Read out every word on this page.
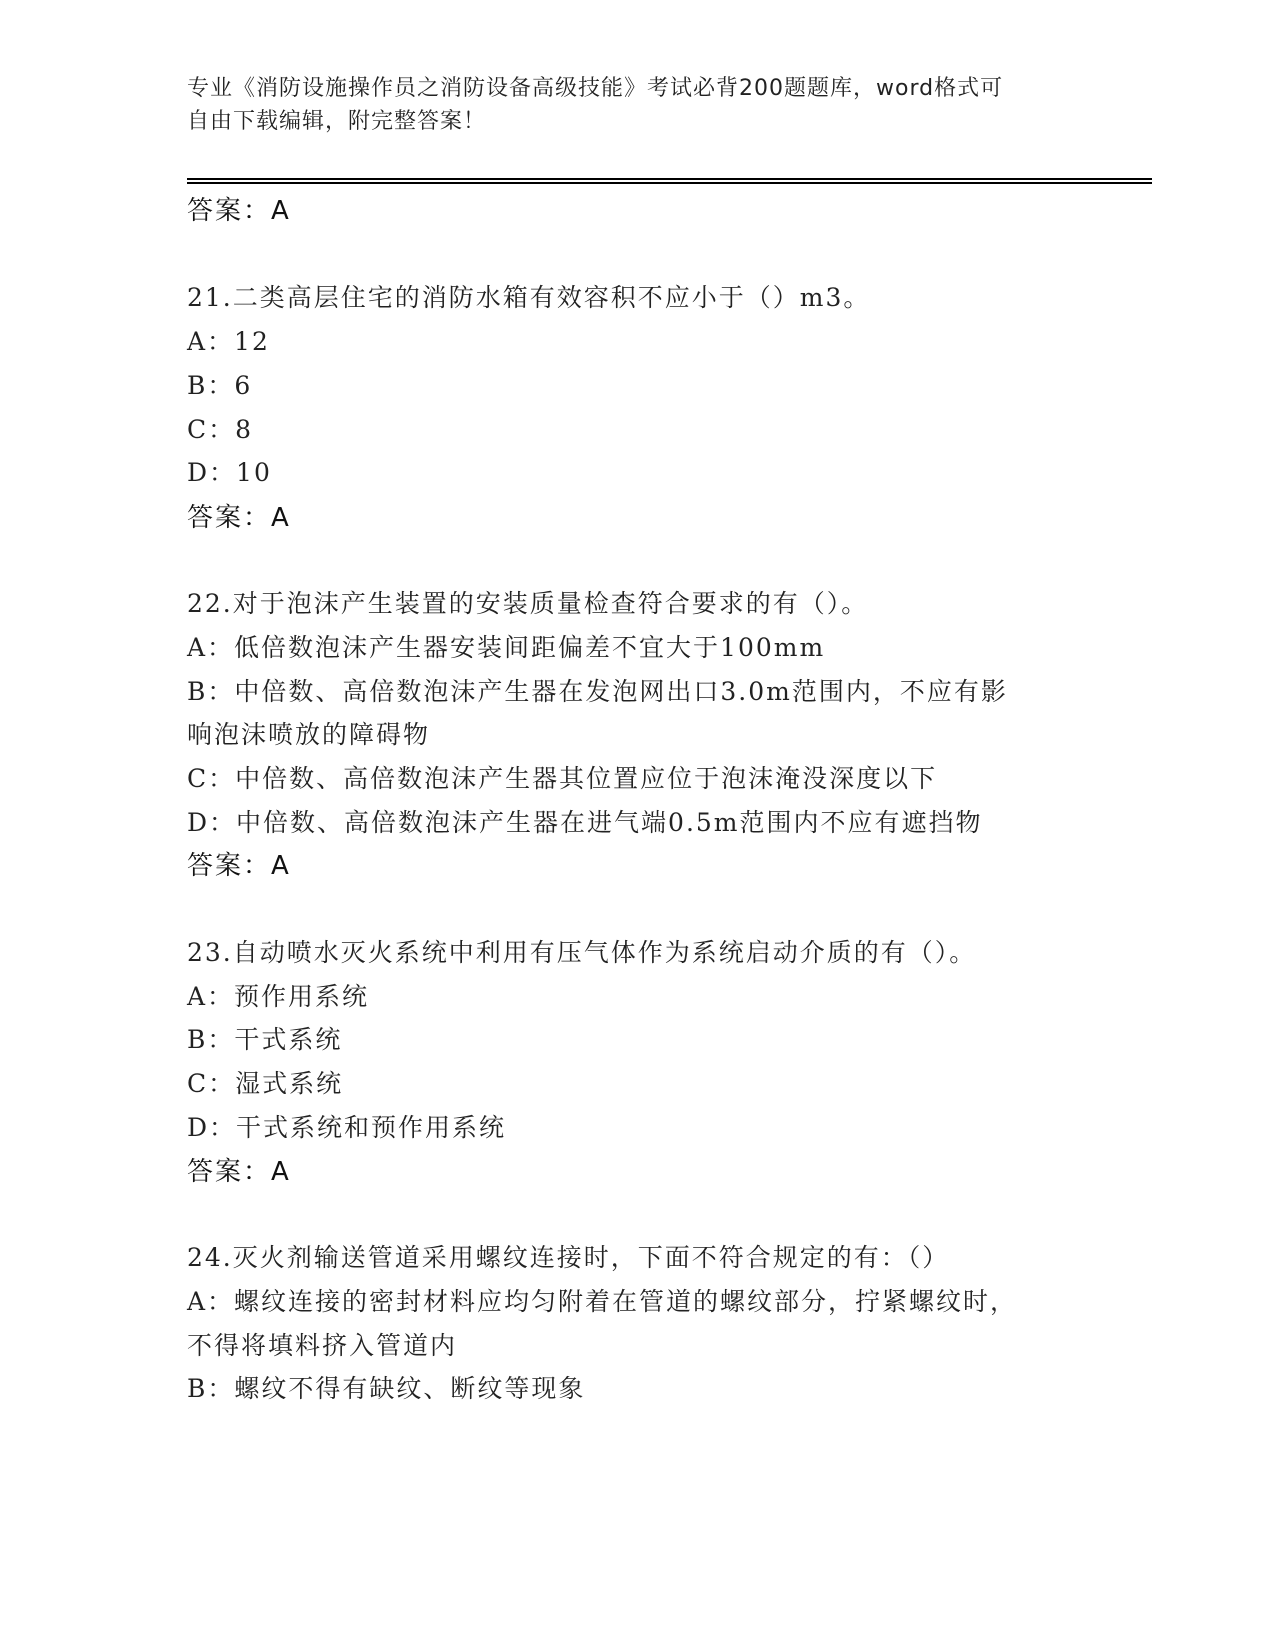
专业《消防设施操作员之消防设备高级技能》考试必背200题题库，word格式可
自由下载编辑，附完整答案！
答案：A
21.二类高层住宅的消防水箱有效容积不应小于（）m3。
A：12
B：6
C：8
D：10
答案：A
22.对于泡沫产生装置的安装质量检查符合要求的有（）。
A：低倍数泡沫产生器安装间距偏差不宜大于100mm
B：中倍数、高倍数泡沫产生器在发泡网出口3.0m范围内，不应有影
响泡沫喷放的障碍物
C：中倍数、高倍数泡沫产生器其位置应位于泡沫淹没深度以下
D：中倍数、高倍数泡沫产生器在进气端0.5m范围内不应有遮挡物
答案：A
23.自动喷水灭火系统中利用有压气体作为系统启动介质的有（）。
A：预作用系统
B：干式系统
C：湿式系统
D：干式系统和预作用系统
答案：A
24.灭火剂输送管道采用螺纹连接时，下面不符合规定的有：（）
A：螺纹连接的密封材料应均匀附着在管道的螺纹部分，拧紧螺纹时，
不得将填料挤入管道内
B：螺纹不得有缺纹、断纹等现象
